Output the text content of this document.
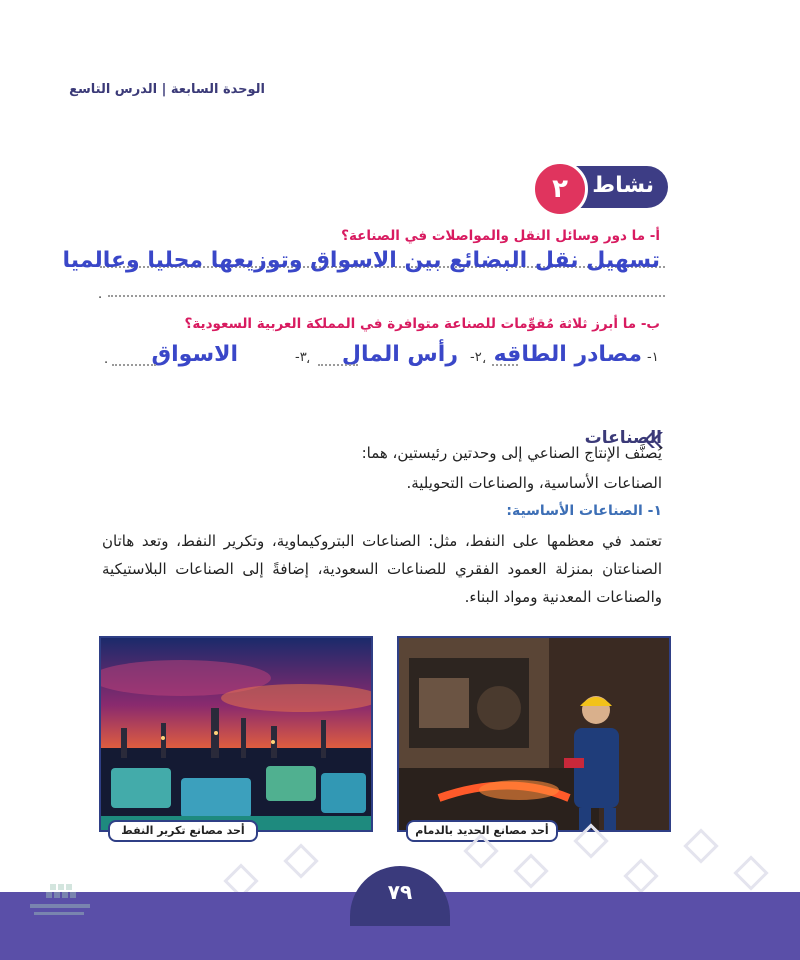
الوحدة السابعة | الدرس التاسع
نشاط
٢
أ- ما دور وسائل النقل والمواصلات في الصناعة؟
تسهيل نقل البضائع بين الاسواق وتوزيعها محليا وعالميا
.
ب- ما أبرز ثلاثة مُقوِّمات للصناعة متوافرة في المملكة العربية السعودية؟
١-
مصادر الطاقه
٢- ،
رأس المال
٣- ،
الاسواق
.
الصناعات
يُصنَّف الإنتاج الصناعي إلى وحدتين رئيستين، هما:
الصناعات الأساسية، والصناعات التحويلية.
١- الصناعات الأساسية:
تعتمد في معظمها على النفط، مثل: الصناعات البتروكيماوية، وتكرير النفط، وتعد هاتان الصناعتان بمنزلة العمود الفقري للصناعات السعودية، إضافةً إلى الصناعات البلاستيكية والصناعات المعدنية ومواد البناء.
أحد مصانع تكرير النفط	أحد مصانع الحديد بالدمام
٧٩
